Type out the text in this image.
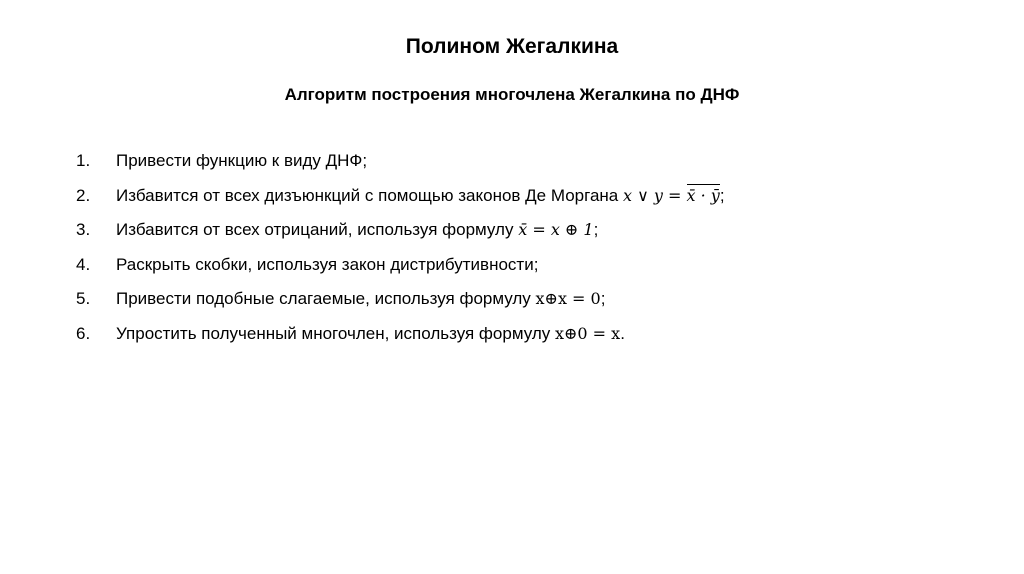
Полином Жегалкина
Алгоритм построения многочлена Жегалкина по ДНФ
1.	Привести функцию к виду ДНФ;
2.	Избавится от всех дизъюнкций с помощью законов Де Моргана x ∨ y = x̄ · ȳ;
3.	Избавится от всех отрицаний, используя формулу x̄ = x ⊕ 1;
4.	Раскрыть скобки, используя закон дистрибутивности;
5.	Привести подобные слагаемые, используя формулу x⊕x = 0;
6.	Упростить полученный многочлен, используя формулу x⊕0 = x.
